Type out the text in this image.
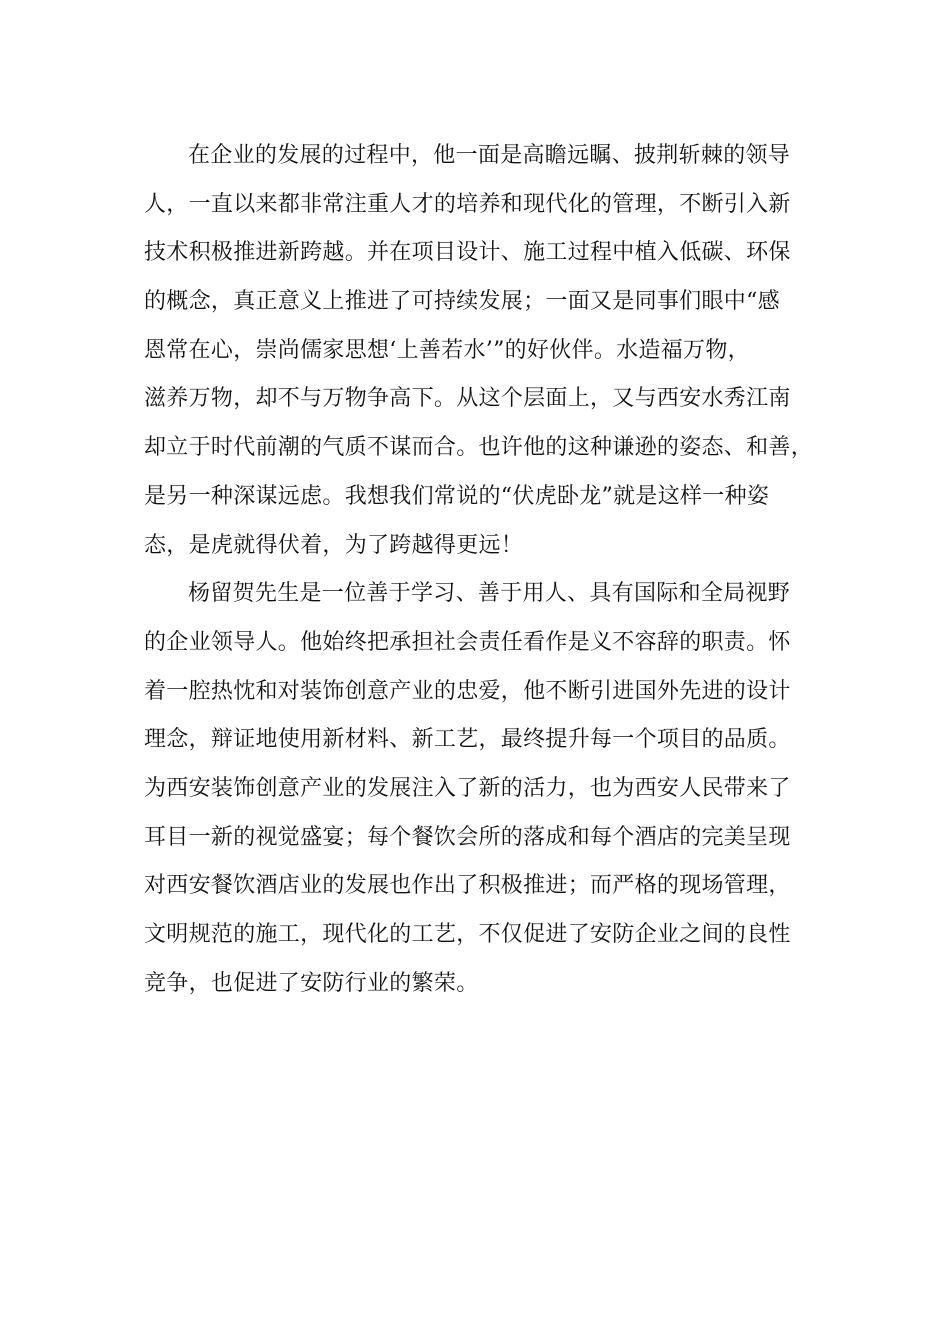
在企业的发展的过程中，他一面是高瞻远瞩、披荆斩棘的领导
人，一直以来都非常注重人才的培养和现代化的管理，不断引入新
技术积极推进新跨越。并在项目设计、施工过程中植入低碳、环保
的概念，真正意义上推进了可持续发展；一面又是同事们眼中“感
恩常在心，崇尚儒家思想‘上善若水’”的好伙伴。水造福万物，
滋养万物，却不与万物争高下。从这个层面上，又与西安水秀江南
却立于时代前潮的气质不谋而合。也许他的这种谦逊的姿态、和善，
是另一种深谋远虑。我想我们常说的“伏虎卧龙”就是这样一种姿
态，是虎就得伏着，为了跨越得更远！
杨留贺先生是一位善于学习、善于用人、具有国际和全局视野
的企业领导人。他始终把承担社会责任看作是义不容辞的职责。怀
着一腔热忱和对装饰创意产业的忠爱，他不断引进国外先进的设计
理念，辩证地使用新材料、新工艺，最终提升每一个项目的品质。
为西安装饰创意产业的发展注入了新的活力，也为西安人民带来了
耳目一新的视觉盛宴；每个餐饮会所的落成和每个酒店的完美呈现
对西安餐饮酒店业的发展也作出了积极推进；而严格的现场管理，
文明规范的施工，现代化的工艺，不仅促进了安防企业之间的良性
竞争，也促进了安防行业的繁荣。
